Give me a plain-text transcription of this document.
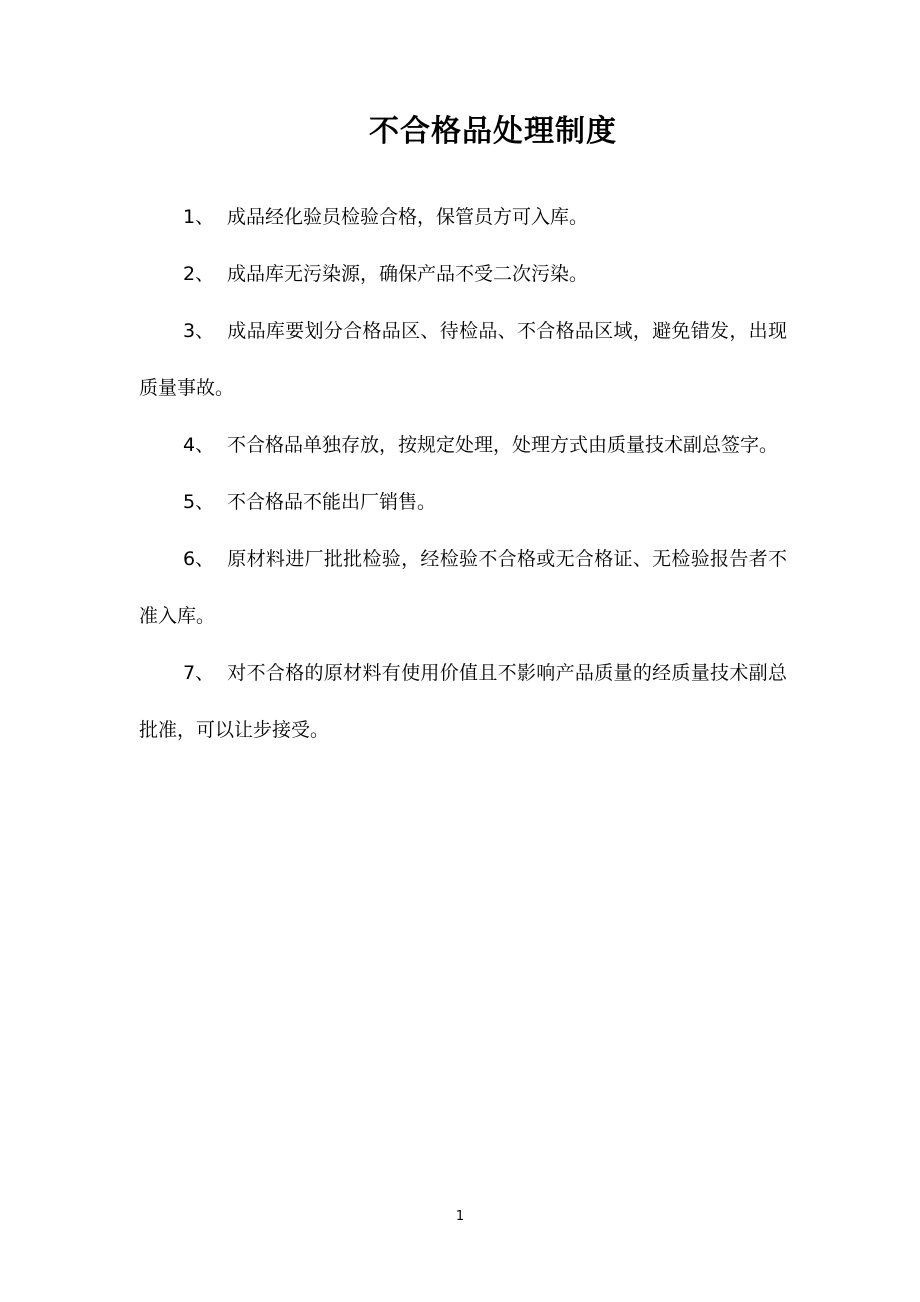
不合格品处理制度

1、 成品经化验员检验合格，保管员方可入库。

2、 成品库无污染源，确保产品不受二次污染。

3、 成品库要划分合格品区、待检品、不合格品区域，避免错发，出现质量事故。

4、 不合格品单独存放，按规定处理，处理方式由质量技术副总签字。

5、 不合格品不能出厂销售。

6、 原材料进厂批批检验，经检验不合格或无合格证、无检验报告者不准入库。

7、 对不合格的原材料有使用价值且不影响产品质量的经质量技术副总批准，可以让步接受。

1
